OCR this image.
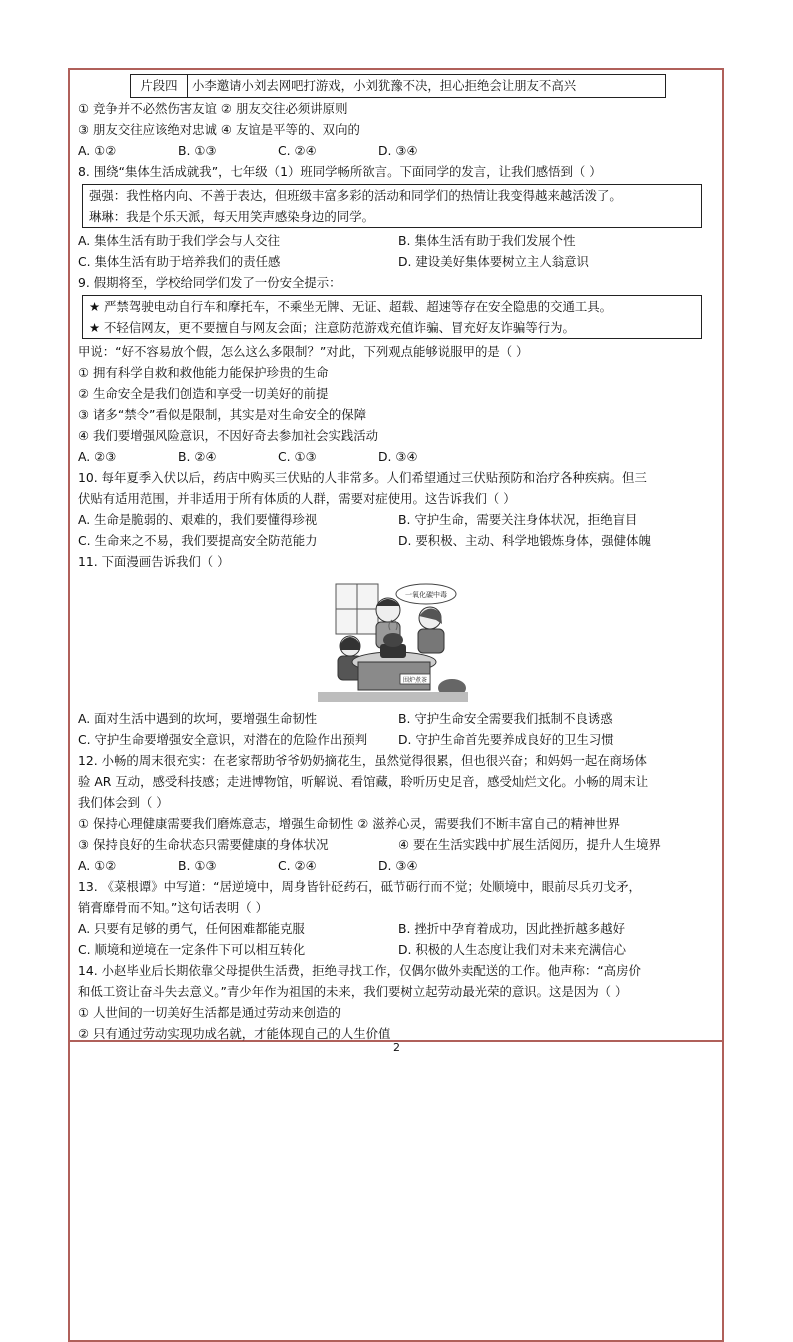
片段四	小李邀请小刘去网吧打游戏，小刘犹豫不决，担心拒绝会让朋友不高兴
① 竞争并不必然伤害友谊 ② 朋友交往必须讲原则
③ 朋友交往应该绝对忠诚 ④ 友谊是平等的、双向的
A. ①②	B. ①③	C. ②④	D. ③④
8. 围绕“集体生活成就我”，七年级（1）班同学畅所欲言。下面同学的发言，让我们感悟到（ ）
强强：我性格内向、不善于表达，但班级丰富多彩的活动和同学们的热情让我变得越来越活泼了。
琳琳：我是个乐天派，每天用笑声感染身边的同学。
A. 集体生活有助于我们学会与人交往	B. 集体生活有助于我们发展个性
C. 集体生活有助于培养我们的责任感	D. 建设美好集体要树立主人翁意识
9. 假期将至，学校给同学们发了一份安全提示：
★ 严禁驾驶电动自行车和摩托车，不乘坐无牌、无证、超载、超速等存在安全隐患的交通工具。
★ 不轻信网友，更不要擅自与网友会面；注意防范游戏充值诈骗、冒充好友诈骗等行为。
甲说：“好不容易放个假，怎么这么多限制？”对此，下列观点能够说服甲的是（ ）
① 拥有科学自救和救他能力能保护珍贵的生命
② 生命安全是我们创造和享受一切美好的前提
③ 诸多“禁令”看似是限制，其实是对生命安全的保障
④ 我们要增强风险意识，不因好奇去参加社会实践活动
A. ②③	B. ②④	C. ①③	D. ③④
10. 每年夏季入伏以后，药店中购买三伏贴的人非常多。人们希望通过三伏贴预防和治疗各种疾病。但三
伏贴有适用范围，并非适用于所有体质的人群，需要对症使用。这告诉我们（ ）
A. 生命是脆弱的、艰难的，我们要懂得珍视	B. 守护生命，需要关注身体状况，拒绝盲目
C. 生命来之不易，我们要提高安全防范能力	D. 要积极、主动、科学地锻炼身体，强健体魄
11. 下面漫画告诉我们（ ）
一氧化碳中毒
围炉煮茶
A. 面对生活中遇到的坎坷，要增强生命韧性	B. 守护生命安全需要我们抵制不良诱惑
C. 守护生命要增强安全意识，对潜在的危险作出预判	D. 守护生命首先要养成良好的卫生习惯
12. 小畅的周末很充实：在老家帮助爷爷奶奶摘花生，虽然觉得很累，但也很兴奋；和妈妈一起在商场体
验 AR 互动，感受科技感；走进博物馆，听解说、看馆藏，聆听历史足音，感受灿烂文化。小畅的周末让
我们体会到（ ）
① 保持心理健康需要我们磨炼意志，增强生命韧性 ② 滋养心灵，需要我们不断丰富自己的精神世界
③ 保持良好的生命状态只需要健康的身体状况	④ 要在生活实践中扩展生活阅历，提升人生境界
A. ①②	B. ①③	C. ②④	D. ③④
13. 《菜根谭》中写道：“居逆境中，周身皆针砭药石，砥节砺行而不觉；处顺境中，眼前尽兵刃戈矛，
销膏靡骨而不知。”这句话表明（ ）
A. 只要有足够的勇气，任何困难都能克服	B. 挫折中孕育着成功，因此挫折越多越好
C. 顺境和逆境在一定条件下可以相互转化	D. 积极的人生态度让我们对未来充满信心
14. 小赵毕业后长期依靠父母提供生活费，拒绝寻找工作，仅偶尔做外卖配送的工作。他声称：“高房价
和低工资让奋斗失去意义。”青少年作为祖国的未来，我们要树立起劳动最光荣的意识。这是因为（ ）
① 人世间的一切美好生活都是通过劳动来创造的
② 只有通过劳动实现功成名就，才能体现自己的人生价值
2
